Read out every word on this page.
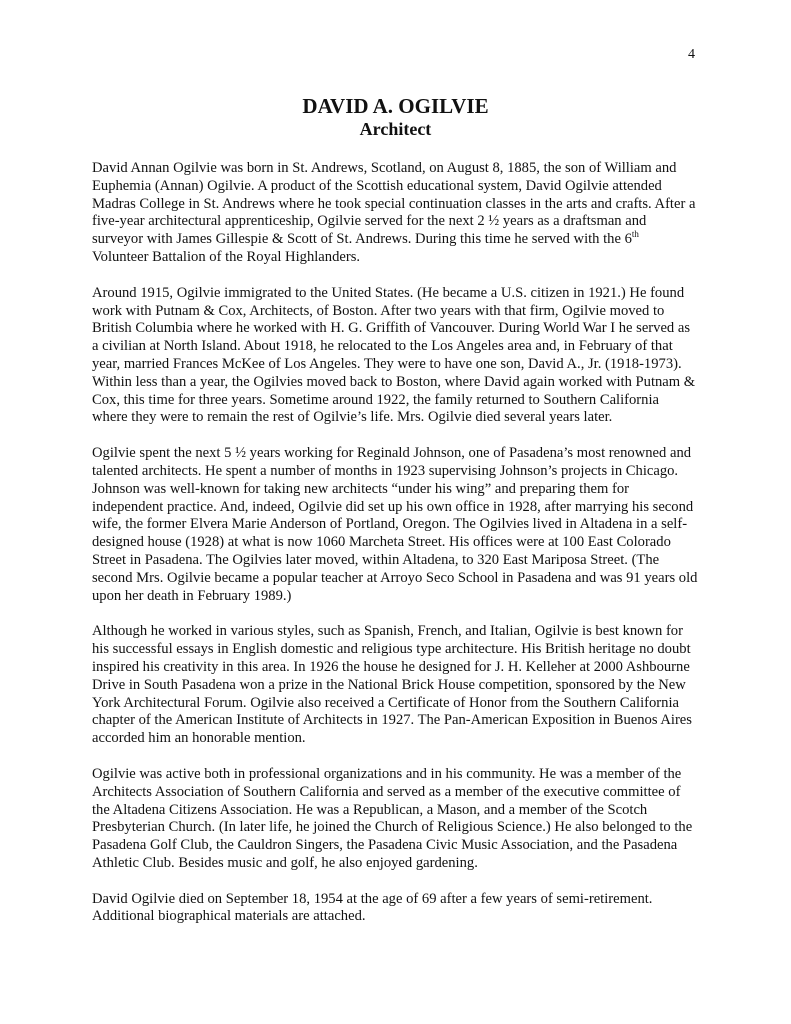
4
DAVID A. OGILVIE
Architect

David Annan Ogilvie was born in St. Andrews, Scotland, on August 8, 1885, the son of William and Euphemia (Annan) Ogilvie. A product of the Scottish educational system, David Ogilvie attended Madras College in St. Andrews where he took special continuation classes in the arts and crafts. After a five-year architectural apprenticeship, Ogilvie served for the next 2 ½ years as a draftsman and surveyor with James Gillespie & Scott of St. Andrews. During this time he served with the 6th Volunteer Battalion of the Royal Highlanders.

Around 1915, Ogilvie immigrated to the United States. (He became a U.S. citizen in 1921.) He found work with Putnam & Cox, Architects, of Boston. After two years with that firm, Ogilvie moved to British Columbia where he worked with H. G. Griffith of Vancouver. During World War I he served as a civilian at North Island. About 1918, he relocated to the Los Angeles area and, in February of that year, married Frances McKee of Los Angeles. They were to have one son, David A., Jr. (1918-1973). Within less than a year, the Ogilvies moved back to Boston, where David again worked with Putnam & Cox, this time for three years. Sometime around 1922, the family returned to Southern California where they were to remain the rest of Ogilvie’s life. Mrs. Ogilvie died several years later.

Ogilvie spent the next 5 ½ years working for Reginald Johnson, one of Pasadena’s most renowned and talented architects. He spent a number of months in 1923 supervising Johnson’s projects in Chicago. Johnson was well-known for taking new architects “under his wing” and preparing them for independent practice. And, indeed, Ogilvie did set up his own office in 1928, after marrying his second wife, the former Elvera Marie Anderson of Portland, Oregon. The Ogilvies lived in Altadena in a self-designed house (1928) at what is now 1060 Marcheta Street. His offices were at 100 East Colorado Street in Pasadena. The Ogilvies later moved, within Altadena, to 320 East Mariposa Street. (The second Mrs. Ogilvie became a popular teacher at Arroyo Seco School in Pasadena and was 91 years old upon her death in February 1989.)

Although he worked in various styles, such as Spanish, French, and Italian, Ogilvie is best known for his successful essays in English domestic and religious type architecture. His British heritage no doubt inspired his creativity in this area. In 1926 the house he designed for J. H. Kelleher at 2000 Ashbourne Drive in South Pasadena won a prize in the National Brick House competition, sponsored by the New York Architectural Forum. Ogilvie also received a Certificate of Honor from the Southern California chapter of the American Institute of Architects in 1927. The Pan-American Exposition in Buenos Aires accorded him an honorable mention.

Ogilvie was active both in professional organizations and in his community. He was a member of the Architects Association of Southern California and served as a member of the executive committee of the Altadena Citizens Association. He was a Republican, a Mason, and a member of the Scotch Presbyterian Church. (In later life, he joined the Church of Religious Science.) He also belonged to the Pasadena Golf Club, the Cauldron Singers, the Pasadena Civic Music Association, and the Pasadena Athletic Club. Besides music and golf, he also enjoyed gardening.

David Ogilvie died on September 18, 1954 at the age of 69 after a few years of semi-retirement. Additional biographical materials are attached.
